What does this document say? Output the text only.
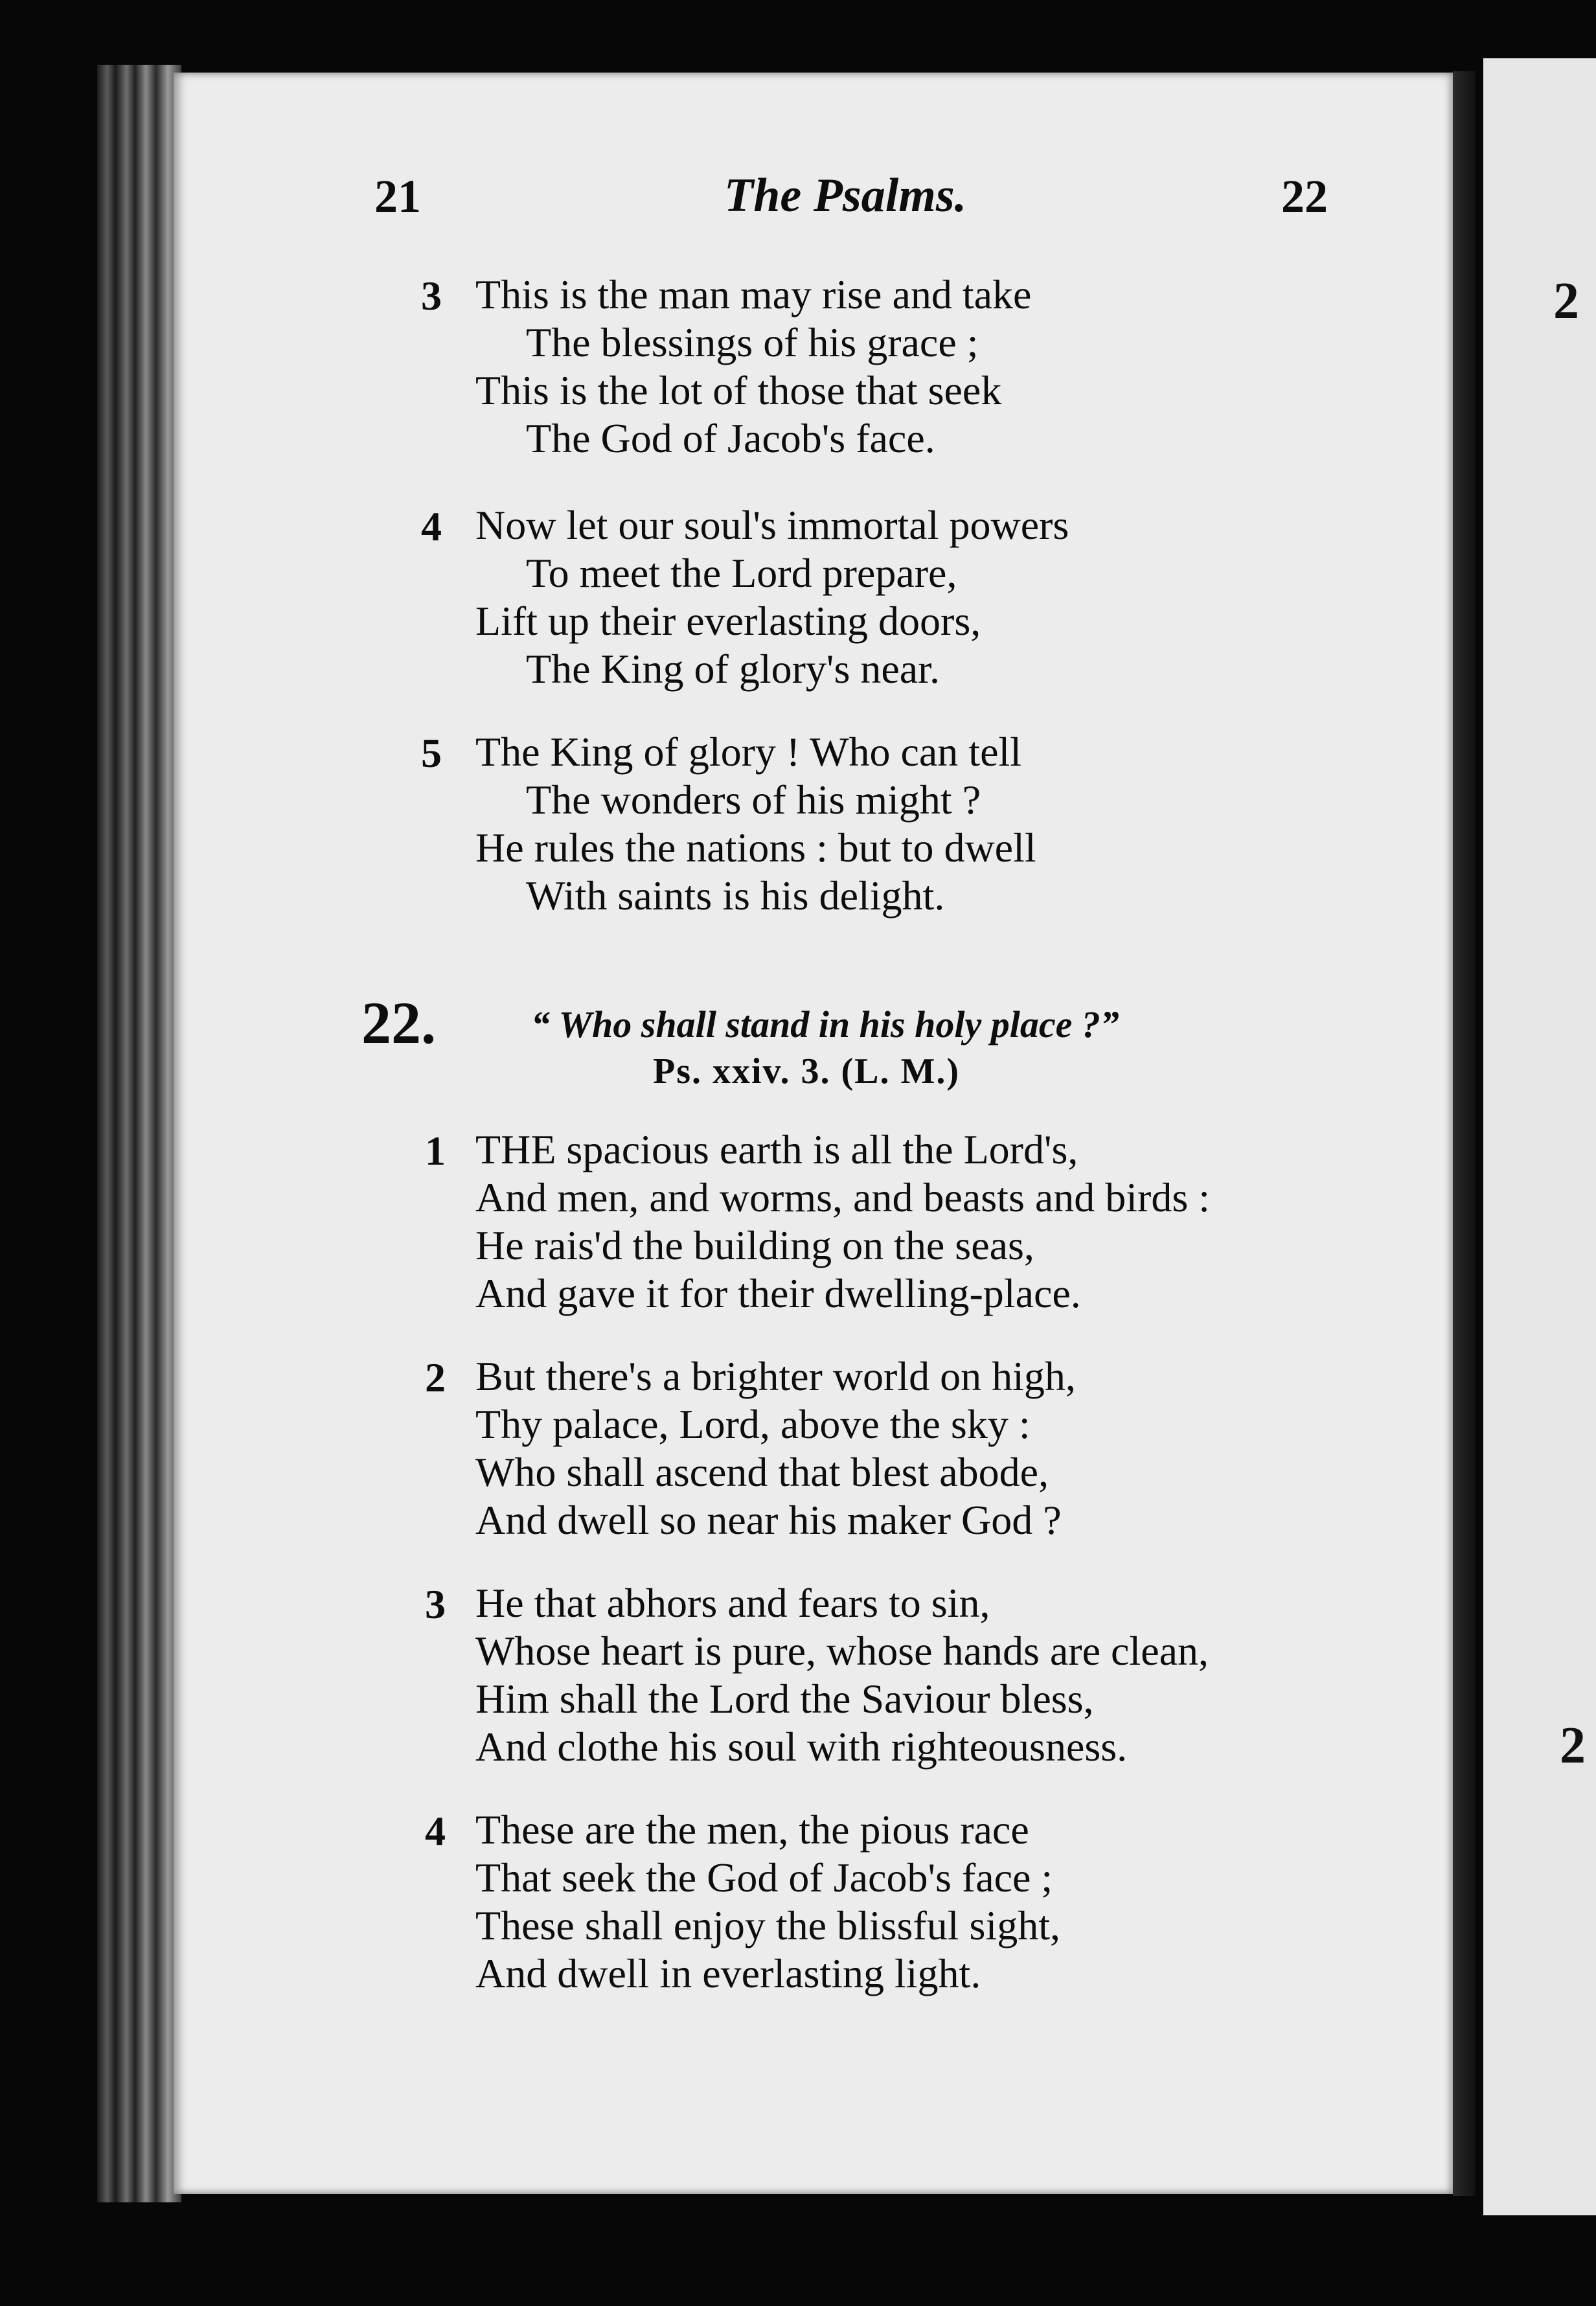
2
2
21	The Psalms.	22
3 This is the man may rise and take
The blessings of his grace ;
This is the lot of those that seek
The God of Jacob's face.
4 Now let our soul's immortal powers
To meet the Lord prepare,
Lift up their everlasting doors,
The King of glory's near.
5 The King of glory ! Who can tell
The wonders of his might ?
He rules the nations : but to dwell
With saints is his delight.
22.	“ Who shall stand in his holy place ?”
Ps. xxiv. 3. (L. M.)
1 THE spacious earth is all the Lord's,
And men, and worms, and beasts and birds :
He rais'd the building on the seas,
And gave it for their dwelling-place.
2 But there's a brighter world on high,
Thy palace, Lord, above the sky :
Who shall ascend that blest abode,
And dwell so near his maker God ?
3 He that abhors and fears to sin,
Whose heart is pure, whose hands are clean,
Him shall the Lord the Saviour bless,
And clothe his soul with righteousness.
4 These are the men, the pious race
That seek the God of Jacob's face ;
These shall enjoy the blissful sight,
And dwell in everlasting light.
